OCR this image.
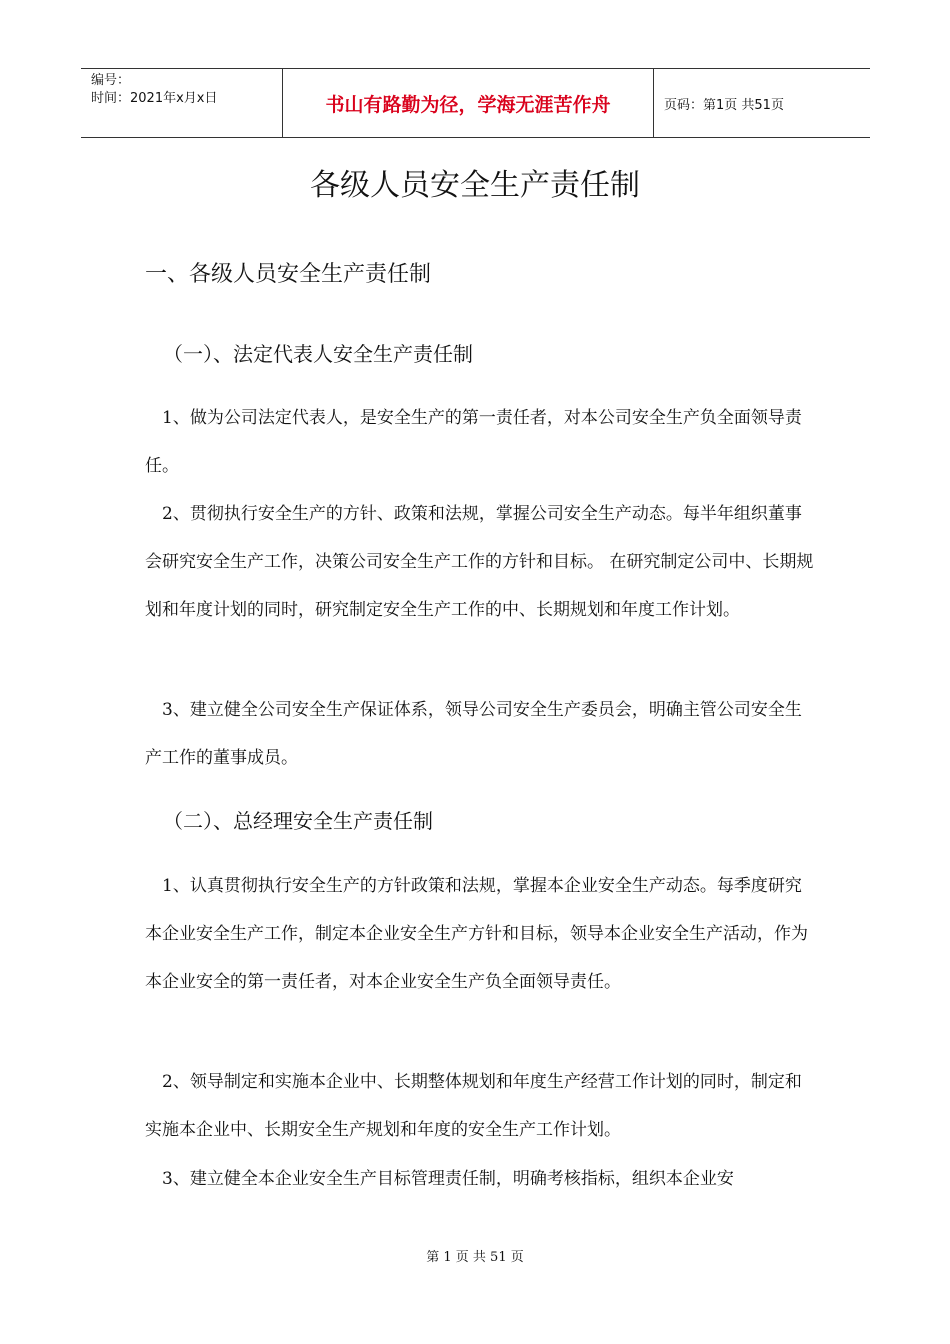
编号：
时间：2021年x月x日	书山有路勤为径，学海无涯苦作舟	页码：第1页 共51页
各级人员安全生产责任制
一、各级人员安全生产责任制
（一）、法定代表人安全生产责任制

1、做为公司法定代表人，是安全生产的第一责任者，对本公司安全生产负全面领导责任。

2、贯彻执行安全生产的方针、政策和法规，掌握公司安全生产动态。每半年组织董事会研究安全生产工作，决策公司安全生产工作的方针和目标。 在研究制定公司中、长期规划和年度计划的同时，研究制定安全生产工作的中、长期规划和年度工作计划。

3、建立健全公司安全生产保证体系，领导公司安全生产委员会，明确主管公司安全生产工作的董事成员。

（二）、总经理安全生产责任制

1、认真贯彻执行安全生产的方针政策和法规，掌握本企业安全生产动态。每季度研究本企业安全生产工作，制定本企业安全生产方针和目标，领导本企业安全生产活动，作为本企业安全的第一责任者，对本企业安全生产负全面领导责任。

2、领导制定和实施本企业中、长期整体规划和年度生产经营工作计划的同时，制定和实施本企业中、长期安全生产规划和年度的安全生产工作计划。

3、建立健全本企业安全生产目标管理责任制，明确考核指标，组织本企业安

第 1 页 共 51 页
